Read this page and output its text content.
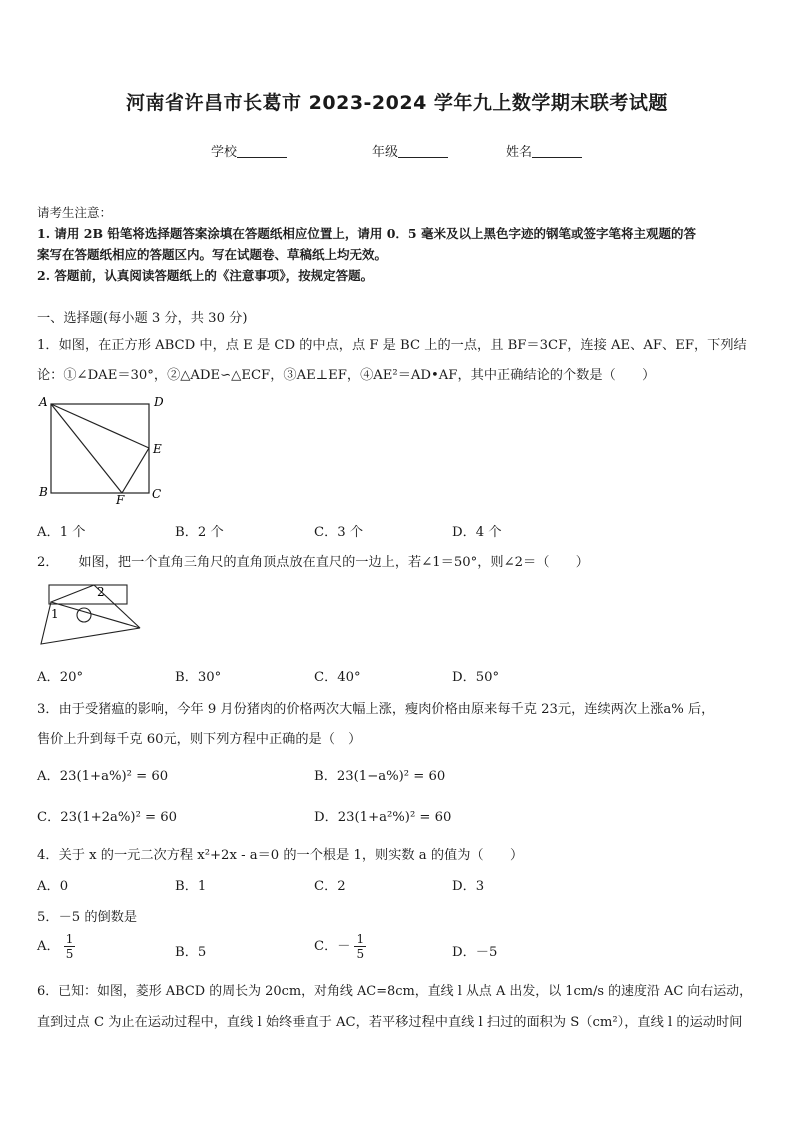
河南省许昌市长葛市 2023-2024 学年九上数学期末联考试题
学校	年级	姓名
请考生注意：
1. 请用 2B 铅笔将选择题答案涂填在答题纸相应位置上，请用 0．5 毫米及以上黑色字迹的钢笔或签字笔将主观题的答
案写在答题纸相应的答题区内。写在试题卷、草稿纸上均无效。
2. 答题前，认真阅读答题纸上的《注意事项》，按规定答题。
一、选择题(每小题 3 分，共 30 分)
1．如图，在正方形 ABCD 中，点 E 是 CD 的中点，点 F 是 BC 上的一点，且 BF＝3CF，连接 AE、AF、EF，下列结
论：①∠DAE＝30°，②△ADE∽△ECF，③AE⊥EF，④AE²＝AD•AF，其中正确结论的个数是（　　）
A	D
E
B
F C
A．1 个	B．2 个	C．3 个	D．4 个
2．　　如图，把一个直角三角尺的直角顶点放在直尺的一边上，若∠1＝50°，则∠2＝（　　）
2
1
A．20°	B．30°	C．40°	D．50°
3．由于受猪瘟的影响，今年 9 月份猪肉的价格两次大幅上涨，瘦肉价格由原来每千克 23元，连续两次上涨a% 后，
售价上升到每千克 60元，则下列方程中正确的是（　）
A．23(1+a%)² = 60	B．23(1−a%)² = 60
C．23(1+2a%)² = 60	D．23(1+a²%)² = 60
4．关于 x 的一元二次方程 x²+2x - a＝0 的一个根是 1，则实数 a 的值为（　　）
A．0	B．1	C．2	D．3
5．－5 的倒数是
A． $\frac{1}{5}$	B．5	C．－ $\frac{1}{5}$	D．－5
6．已知：如图，菱形 ABCD 的周长为 20cm，对角线 AC=8cm，直线 l 从点 A 出发，以 1cm/s 的速度沿 AC 向右运动，
直到过点 C 为止在运动过程中，直线 l 始终垂直于 AC，若平移过程中直线 l 扫过的面积为 S（cm²），直线 l 的运动时间
